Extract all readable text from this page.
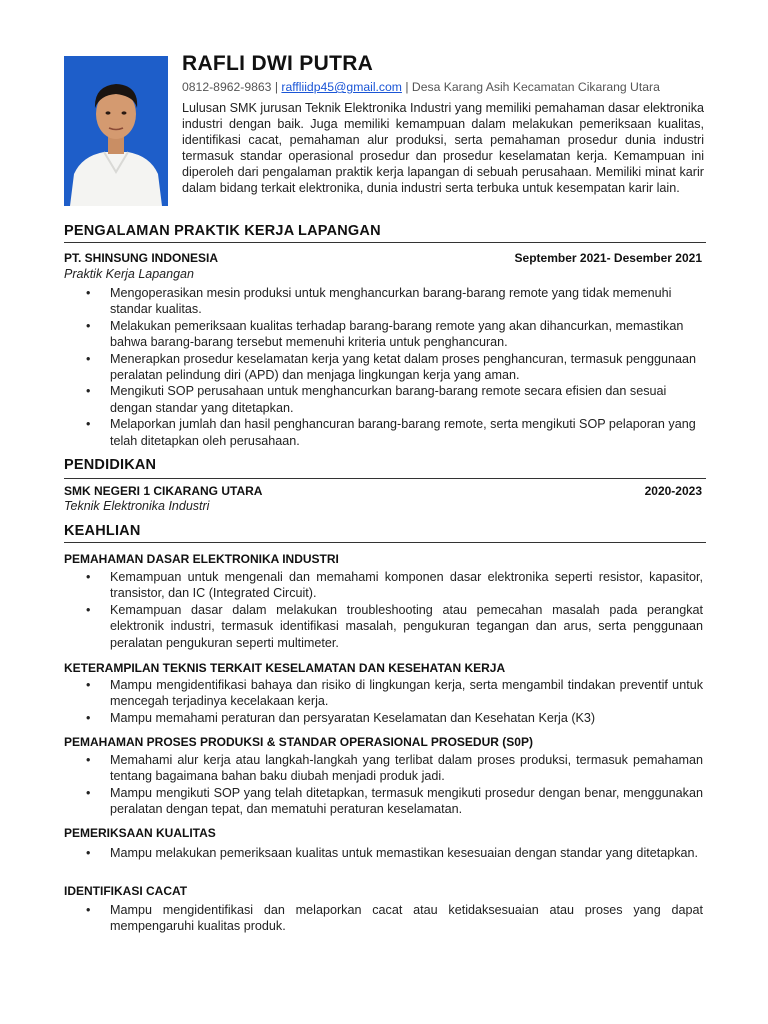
RAFLI DWI PUTRA
0812-8962-9863 | raffliidp45@gmail.com | Desa Karang Asih Kecamatan Cikarang Utara
Lulusan SMK jurusan Teknik Elektronika Industri yang memiliki pemahaman dasar elektronika industri dengan baik. Juga memiliki kemampuan dalam melakukan pemeriksaan kualitas, identifikasi cacat, pemahaman alur produksi, serta pemahaman prosedur dunia industri termasuk standar operasional prosedur dan prosedur keselamatan kerja. Kemampuan ini diperoleh dari pengalaman praktik kerja lapangan di sebuah perusahaan. Memiliki minat karir dalam bidang terkait elektronika, dunia industri serta terbuka untuk kesempatan karir lain.
PENGALAMAN PRAKTIK KERJA LAPANGAN
PT. SHINSUNG INDONESIA	September 2021- Desember 2021
Praktik Kerja Lapangan
• Mengoperasikan mesin produksi untuk menghancurkan barang-barang remote yang tidak memenuhi standar kualitas.
• Melakukan pemeriksaan kualitas terhadap barang-barang remote yang akan dihancurkan, memastikan bahwa barang-barang tersebut memenuhi kriteria untuk penghancuran.
• Menerapkan prosedur keselamatan kerja yang ketat dalam proses penghancuran, termasuk penggunaan peralatan pelindung diri (APD) dan menjaga lingkungan kerja yang aman.
• Mengikuti SOP perusahaan untuk menghancurkan barang-barang remote secara efisien dan sesuai dengan standar yang ditetapkan.
• Melaporkan jumlah dan hasil penghancuran barang-barang remote, serta mengikuti SOP pelaporan yang telah ditetapkan oleh perusahaan.
PENDIDIKAN
SMK NEGERI 1 CIKARANG UTARA	2020-2023
Teknik Elektronika Industri
KEAHLIAN
PEMAHAMAN DASAR ELEKTRONIKA INDUSTRI
• Kemampuan untuk mengenali dan memahami komponen dasar elektronika seperti resistor, kapasitor, transistor, dan IC (Integrated Circuit).
• Kemampuan dasar dalam melakukan troubleshooting atau pemecahan masalah pada perangkat elektronik industri, termasuk identifikasi masalah, pengukuran tegangan dan arus, serta penggunaan peralatan pengukuran seperti multimeter.
KETERAMPILAN TEKNIS TERKAIT KESELAMATAN DAN KESEHATAN KERJA
• Mampu mengidentifikasi bahaya dan risiko di lingkungan kerja, serta mengambil tindakan preventif untuk mencegah terjadinya kecelakaan kerja.
• Mampu memahami peraturan dan persyaratan Keselamatan dan Kesehatan Kerja (K3)
PEMAHAMAN PROSES PRODUKSI & STANDAR OPERASIONAL PROSEDUR (S0P)
• Memahami alur kerja atau langkah-langkah yang terlibat dalam proses produksi, termasuk pemahaman tentang bagaimana bahan baku diubah menjadi produk jadi.
• Mampu mengikuti SOP yang telah ditetapkan, termasuk mengikuti prosedur dengan benar, menggunakan peralatan dengan tepat, dan mematuhi peraturan keselamatan.
PEMERIKSAAN KUALITAS
• Mampu melakukan pemeriksaan kualitas untuk memastikan kesesuaian dengan standar yang ditetapkan.
IDENTIFIKASI CACAT
• Mampu mengidentifikasi dan melaporkan cacat atau ketidaksesuaian atau proses yang dapat mempengaruhi kualitas produk.
